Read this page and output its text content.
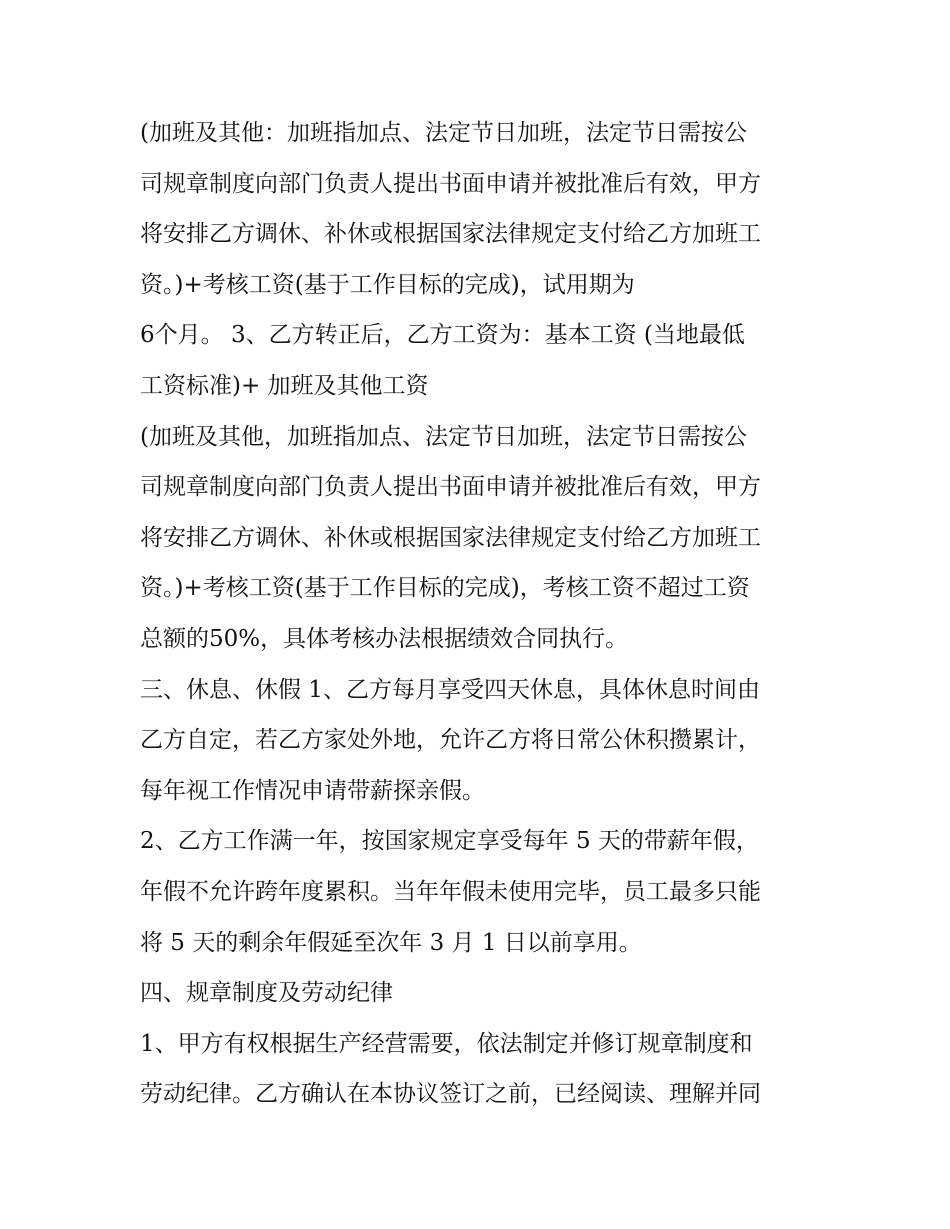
(加班及其他：加班指加点、法定节日加班，法定节日需按公
司规章制度向部门负责人提出书面申请并被批准后有效，甲方
将安排乙方调休、补休或根据国家法律规定支付给乙方加班工
资。)+考核工资(基于工作目标的完成)，试用期为
6个月。 3、乙方转正后，乙方工资为：基本工资 (当地最低
工资标准)+ 加班及其他工资
(加班及其他，加班指加点、法定节日加班，法定节日需按公
司规章制度向部门负责人提出书面申请并被批准后有效，甲方
将安排乙方调休、补休或根据国家法律规定支付给乙方加班工
资。)+考核工资(基于工作目标的完成)，考核工资不超过工资
总额的50%，具体考核办法根据绩效合同执行。
三、休息、休假 1、乙方每月享受四天休息，具体休息时间由
乙方自定，若乙方家处外地，允许乙方将日常公休积攒累计，
每年视工作情况申请带薪探亲假。
2、乙方工作满一年，按国家规定享受每年 5 天的带薪年假，
年假不允许跨年度累积。当年年假未使用完毕，员工最多只能
将 5 天的剩余年假延至次年 3 月 1 日以前享用。
四、规章制度及劳动纪律
1、甲方有权根据生产经营需要，依法制定并修订规章制度和
劳动纪律。乙方确认在本协议签订之前，已经阅读、理解并同
